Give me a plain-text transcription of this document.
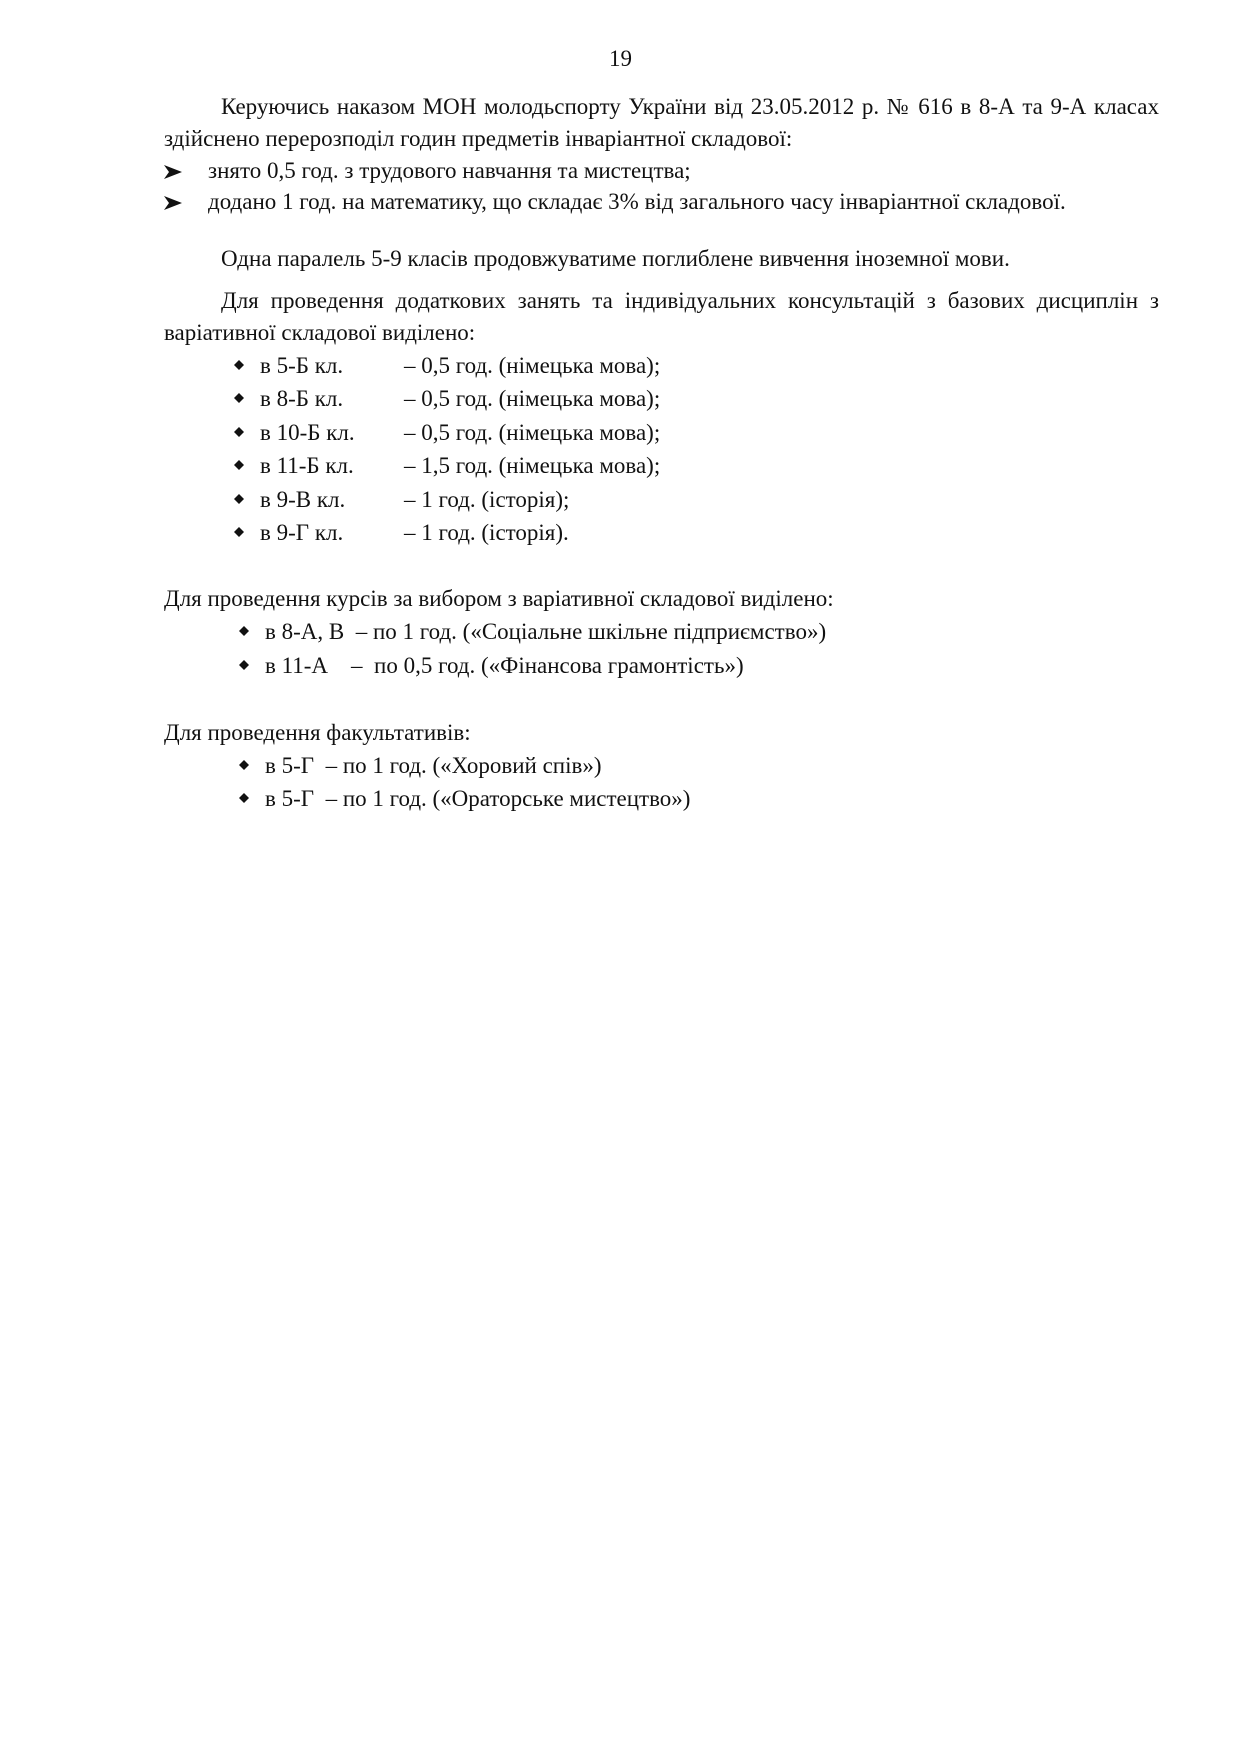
19
Керуючись наказом МОН молодьспорту України від 23.05.2012 р. № 616 в 8-А та 9-А класах здійснено перерозподіл годин предметів інваріантної складової:
знято 0,5 год. з трудового навчання та мистецтва;
додано 1 год. на математику, що складає 3% від загального часу інваріантної складової.
Одна паралель 5-9 класів продовжуватиме поглиблене вивчення іноземної мови.
Для проведення додаткових занять та індивідуальних консультацій з базових дисциплін з варіативної складової виділено:
в 5-Б кл.	– 0,5 год. (німецька мова);
в 8-Б кл.	– 0,5 год. (німецька мова);
в 10-Б кл.	– 0,5 год. (німецька мова);
в 11-Б кл.	– 1,5 год. (німецька мова);
в 9-В кл.	– 1 год. (історія);
в 9-Г кл.	– 1 год. (історія).
Для проведення курсів за вибором з варіативної складової виділено:
в 8-А, В  – по 1 год. («Соціальне шкільне підприємство»)
в 11-А    –  по 0,5 год. («Фінансова грамонтість»)
Для проведення факультативів:
в 5-Г  – по 1 год. («Хоровий спів»)
в 5-Г  – по 1 год. («Ораторське мистецтво»)
